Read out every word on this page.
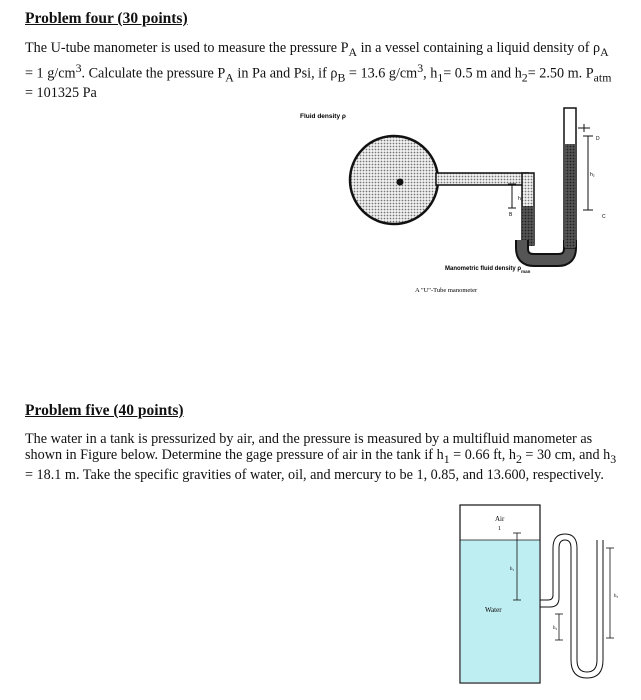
Problem four (30 points)
The U-tube manometer is used to measure the pressure $P_A$ in a vessel containing a liquid density of $\rho_A = 1$ $g/cm^3$. Calculate the pressure $P_A$ in Pa and Psi, if $\rho_B = 13.6$ $g/cm^3$, $h_1= 0.5$ m and $h_2= 2.50$ m. $P_{atm} = 101325$ Pa
Fluid density ρ
h₁
h₂
D
B	C
Manometric fluid density $\rho_{man}$
A "U"-Tube manometer
Problem five (40 points)
The water in a tank is pressurized by air, and the pressure is measured by a multifluid manometer as shown in Figure below. Determine the gage pressure of air in the tank if $h_1 = 0.66$ ft, $h_2 = 30$ cm, and $h_3 = 18.1$ m. Take the specific gravities of water, oil, and mercury to be 1, 0.85, and 13.600, respectively.
Air
1
Water
h₁
h₂
h₃
